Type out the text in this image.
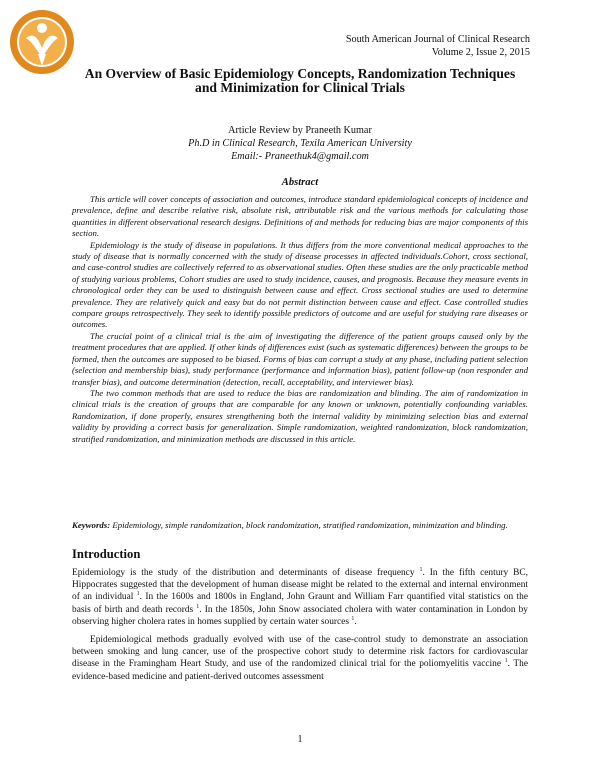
South American Journal of Clinical Research
Volume 2, Issue 2, 2015
An Overview of Basic Epidemiology Concepts, Randomization Techniques
and Minimization for Clinical Trials
Article Review by Praneeth Kumar
Ph.D in Clinical Research, Texila American University
Email:- Praneethuk4@gmail.com
Abstract

This article will cover concepts of association and outcomes, introduce standard epidemiological concepts of incidence and prevalence, define and describe relative risk, absolute risk, attributable risk and the various methods for calculating those quantities in different observational research designs. Definitions of and methods for reducing bias are major components of this section.

Epidemiology is the study of disease in populations. It thus differs from the more conventional medical approaches to the study of disease that is normally concerned with the study of disease processes in affected individuals.Cohort, cross sectional, and case-control studies are collectively referred to as observational studies. Often these studies are the only practicable method of studying various problems, Cohort studies are used to study incidence, causes, and prognosis. Because they measure events in chronological order they can be used to distinguish between cause and effect. Cross sectional studies are used to determine prevalence. They are relatively quick and easy but do not permit distinction between cause and effect. Case controlled studies compare groups retrospectively. They seek to identify possible predictors of outcome and are useful for studying rare diseases or outcomes.

The crucial point of a clinical trial is the aim of investigating the difference of the patient groups caused only by the treatment procedures that are applied. If other kinds of differences exist (such as systematic differences) between the groups to be formed, then the outcomes are supposed to be biased. Forms of bias can corrupt a study at any phase, including patient selection (selection and membership bias), study performance (performance and information bias), patient follow-up (non responder and transfer bias), and outcome determination (detection, recall, acceptability, and interviewer bias).

The two common methods that are used to reduce the bias are randomization and blinding. The aim of randomization in clinical trials is the creation of groups that are comparable for any known or unknown, potentially confounding variables. Randomization, if done properly, ensures strengthening both the internal validity by minimizing selection bias and external validity by providing a correct basis for generalization. Simple randomization, weighted randomization, block randomization, stratified randomization, and minimization methods are discussed in this article.

Keywords: Epidemiology, simple randomization, block randomization, stratified randomization, minimization and blinding.
Introduction

Epidemiology is the study of the distribution and determinants of disease frequency $^1$. In the fifth century BC, Hippocrates suggested that the development of human disease might be related to the external and internal environment of an individual $^1$. In the 1600s and 1800s in England, John Graunt and William Farr quantified vital statistics on the basis of birth and death records $^1$. In the 1850s, John Snow associated cholera with water contamination in London by observing higher cholera rates in homes supplied by certain water sources $^1$.

Epidemiological methods gradually evolved with use of the case-control study to demonstrate an association between smoking and lung cancer, use of the prospective cohort study to determine risk factors for cardiovascular disease in the Framingham Heart Study, and use of the randomized clinical trial for the poliomyelitis vaccine $^1$. The evidence-based medicine and patient-derived outcomes assessment

1
